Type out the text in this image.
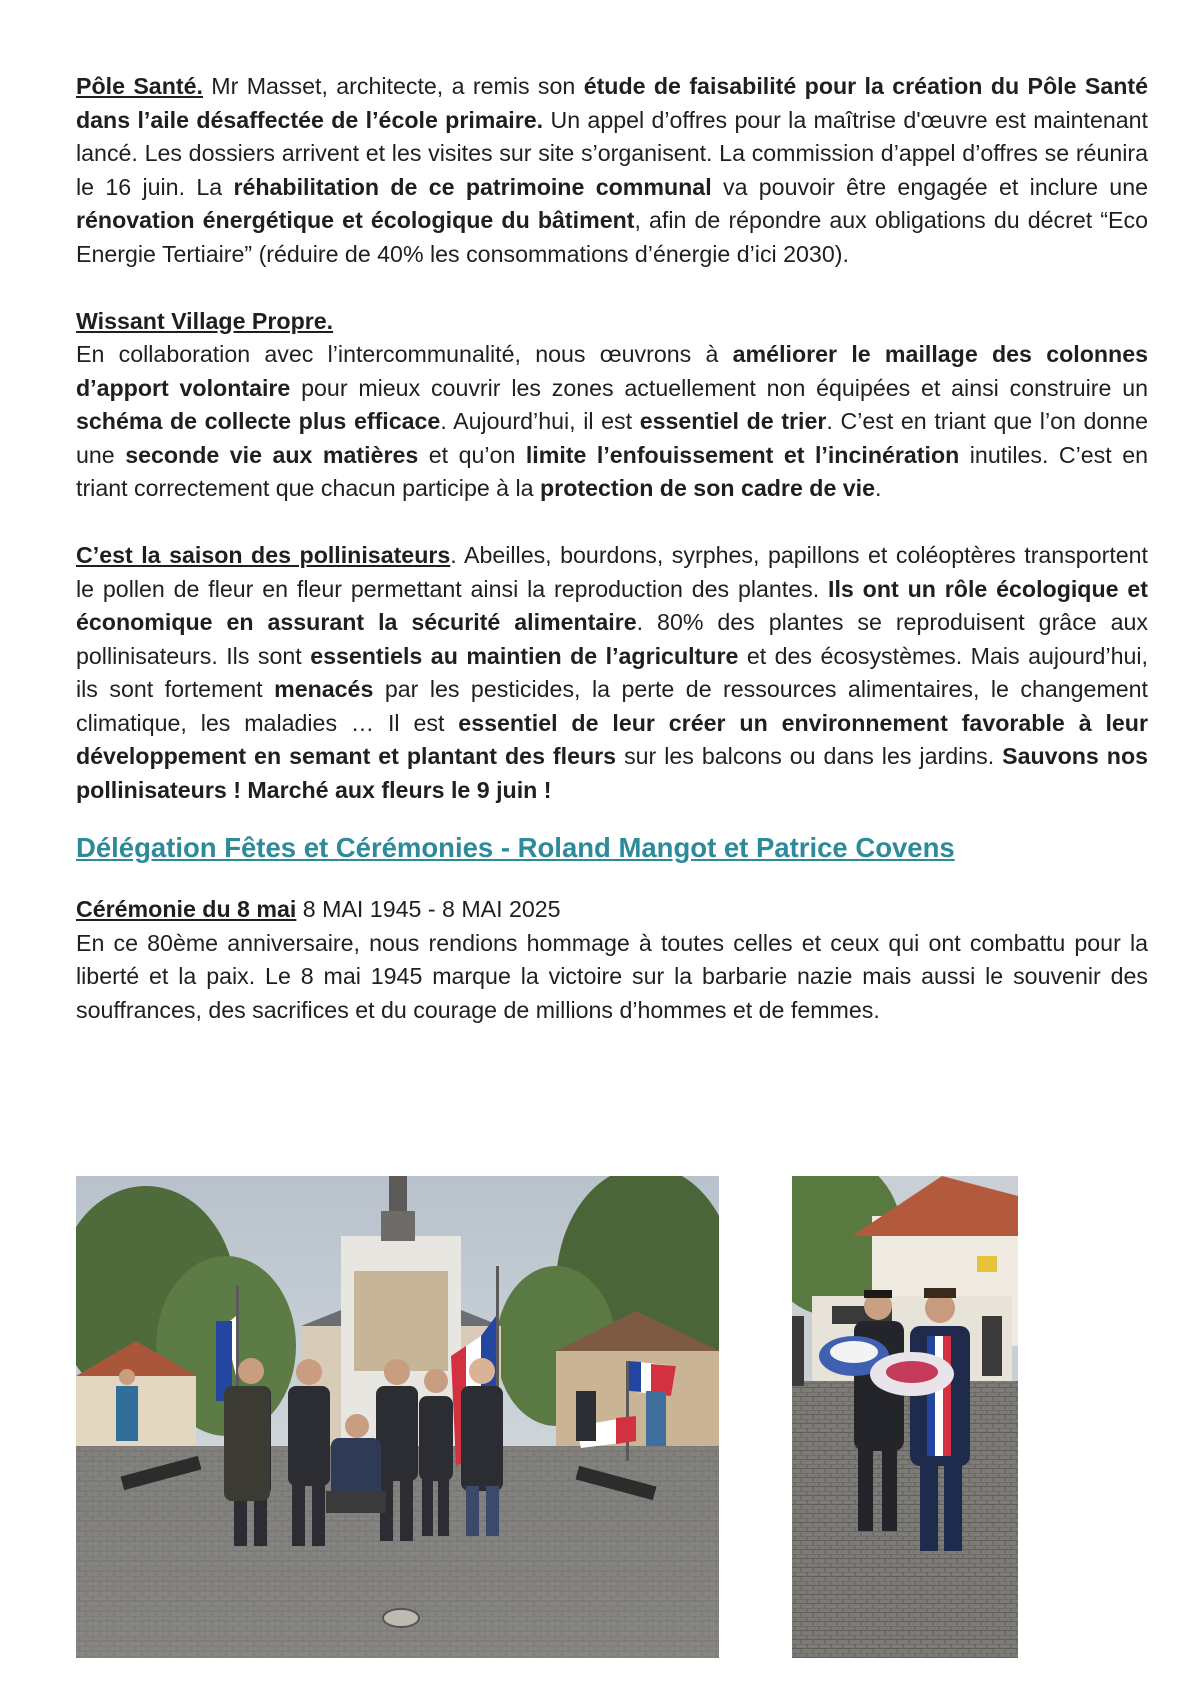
Pôle Santé. Mr Masset, architecte, a remis son étude de faisabilité pour la création du Pôle Santé dans l’aile désaffectée de l’école primaire. Un appel d’offres pour la maîtrise d'œuvre est maintenant lancé. Les dossiers arrivent et les visites sur site s’organisent. La commission d’appel d’offres se réunira le 16 juin. La réhabilitation de ce patrimoine communal va pouvoir être engagée et inclure une rénovation énergétique et écologique du bâtiment, afin de répondre aux obligations du décret “Eco Energie Tertiaire” (réduire de 40% les consommations d’énergie d’ici 2030).

Wissant Village Propre.
En collaboration avec l’intercommunalité, nous œuvrons à améliorer le maillage des colonnes d’apport volontaire pour mieux couvrir les zones actuellement non équipées et ainsi construire un schéma de collecte plus efficace. Aujourd’hui, il est essentiel de trier. C’est en triant que l’on donne une seconde vie aux matières et qu’on limite l’enfouissement et l’incinération inutiles. C’est en triant correctement que chacun participe à la protection de son cadre de vie.

C’est la saison des pollinisateurs. Abeilles, bourdons, syrphes, papillons et coléoptères transportent le pollen de fleur en fleur permettant ainsi la reproduction des plantes. Ils ont un rôle écologique et économique en assurant la sécurité alimentaire. 80% des plantes se reproduisent grâce aux pollinisateurs. Ils sont essentiels au maintien de l’agriculture et des écosystèmes. Mais aujourd’hui, ils sont fortement menacés par les pesticides, la perte de ressources alimentaires, le changement climatique, les maladies … Il est essentiel de leur créer un environnement favorable à leur développement en semant et plantant des fleurs sur les balcons ou dans les jardins. Sauvons nos pollinisateurs ! Marché aux fleurs le 9 juin !

Délégation Fêtes et Cérémonies - Roland Mangot et Patrice Covens

Cérémonie du 8 mai 8 MAI 1945 - 8 MAI 2025
En ce 80ème anniversaire, nous rendions hommage à toutes celles et ceux qui ont combattu pour la liberté et la paix. Le 8 mai 1945 marque la victoire sur la barbarie nazie mais aussi le souvenir des souffrances, des sacrifices et du courage de millions d’hommes et de femmes.
